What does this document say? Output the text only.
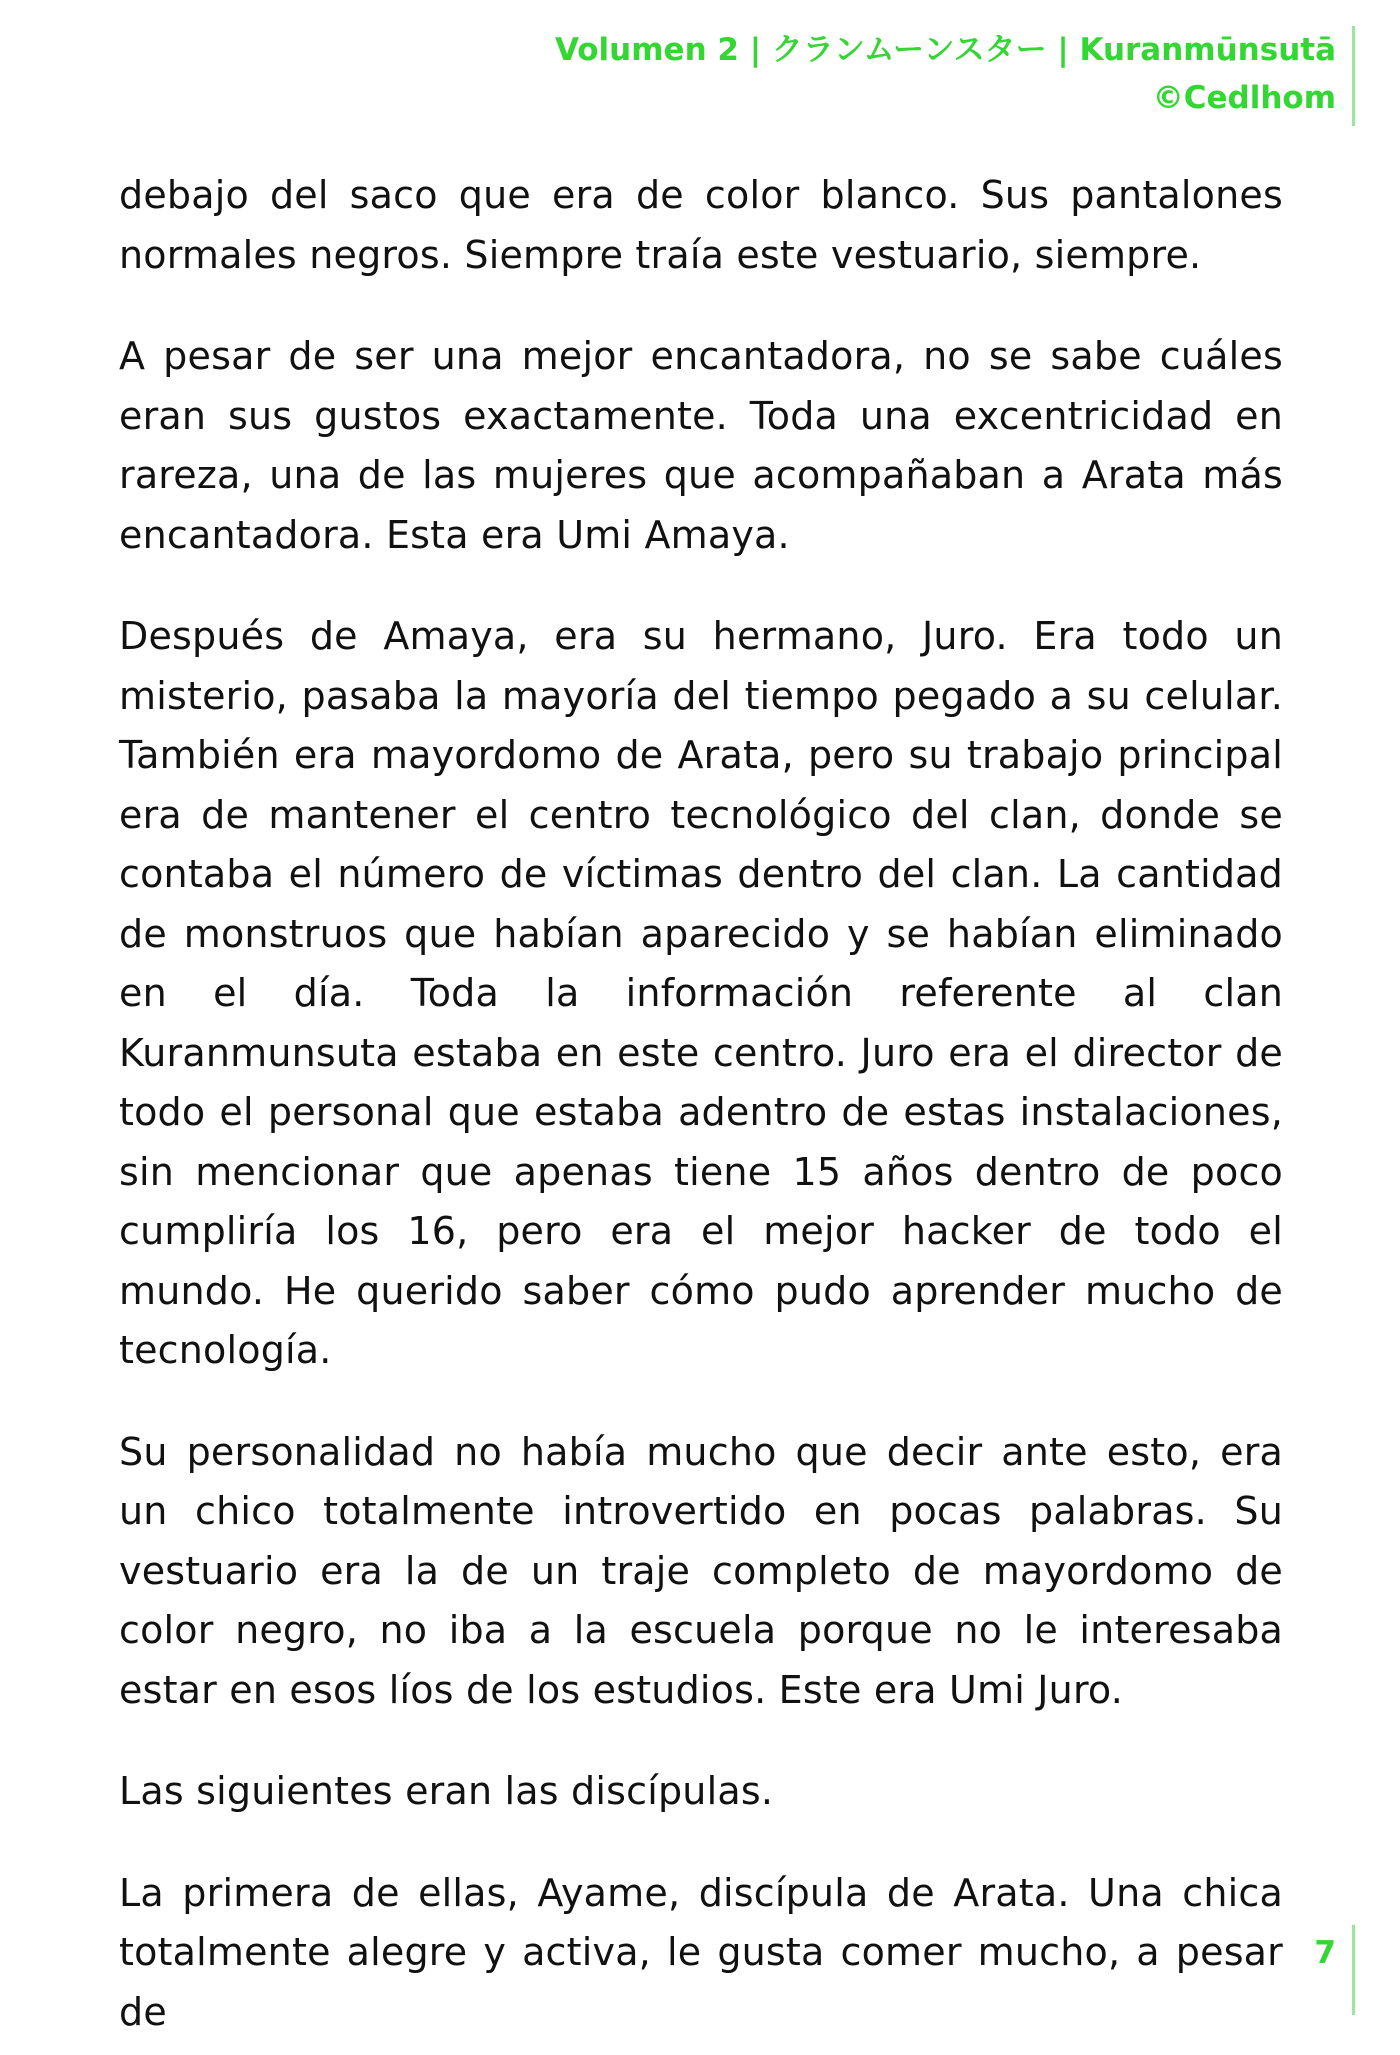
Volumen 2 | クランムーンスター | Kuranmūnsutā
©Cedlhom

debajo del saco que era de color blanco. Sus pantalones normales negros. Siempre traía este vestuario, siempre.

A pesar de ser una mejor encantadora, no se sabe cuáles eran sus gustos exactamente. Toda una excentricidad en rareza, una de las mujeres que acompañaban a Arata más encantadora. Esta era Umi Amaya.

Después de Amaya, era su hermano, Juro. Era todo un misterio, pasaba la mayoría del tiempo pegado a su celular. También era mayordomo de Arata, pero su trabajo principal era de mantener el centro tecnológico del clan, donde se contaba el número de víctimas dentro del clan. La cantidad de monstruos que habían aparecido y se habían eliminado en el día. Toda la información referente al clan Kuranmunsuta estaba en este centro. Juro era el director de todo el personal que estaba adentro de estas instalaciones, sin mencionar que apenas tiene 15 años dentro de poco cumpliría los 16, pero era el mejor hacker de todo el mundo. He querido saber cómo pudo aprender mucho de tecnología.

Su personalidad no había mucho que decir ante esto, era un chico totalmente introvertido en pocas palabras. Su vestuario era la de un traje completo de mayordomo de color negro, no iba a la escuela porque no le interesaba estar en esos líos de los estudios. Este era Umi Juro.

Las siguientes eran las discípulas.

La primera de ellas, Ayame, discípula de Arata. Una chica totalmente alegre y activa, le gusta comer mucho, a pesar de

7
